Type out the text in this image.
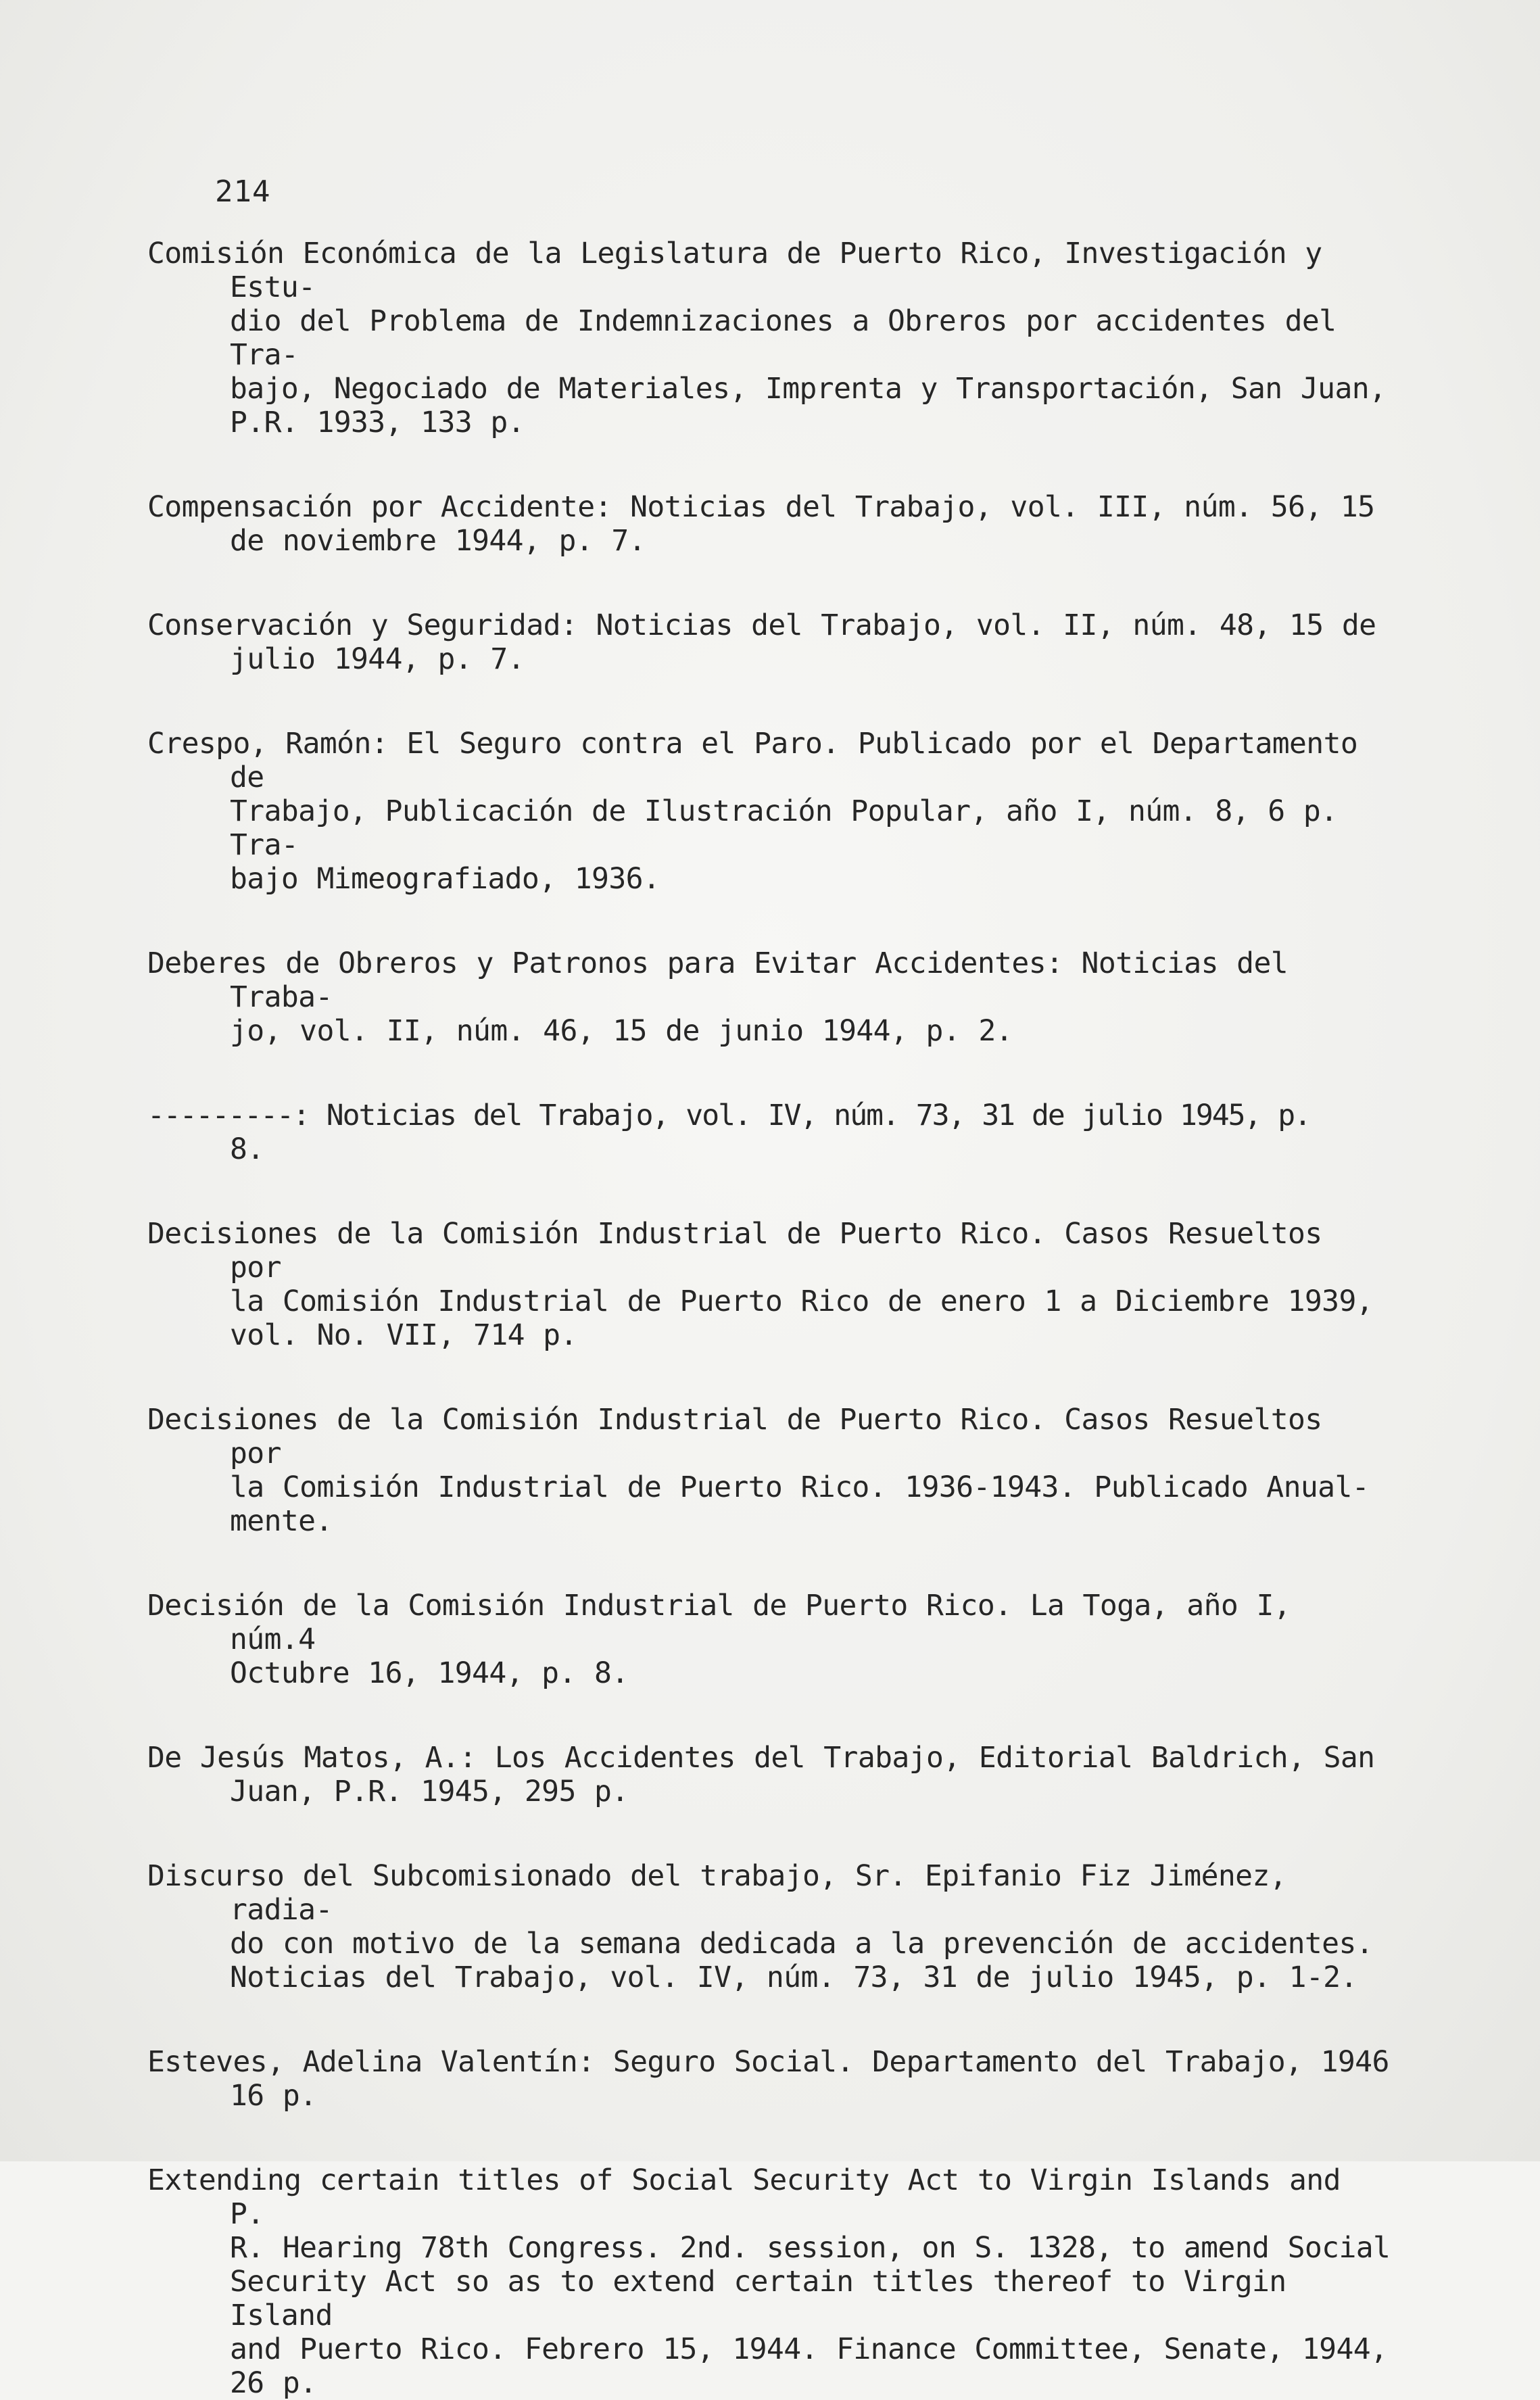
214

Comisión Económica de la Legislatura de Puerto Rico, Investigación y Estu-
dio del Problema de Indemnizaciones a Obreros por accidentes del Tra-
bajo, Negociado de Materiales, Imprenta y Transportación, San Juan,
P.R. 1933, 133 p.

Compensación por Accidente: Noticias del Trabajo, vol. III, núm. 56, 15
de noviembre 1944, p. 7.

Conservación y Seguridad: Noticias del Trabajo, vol. II, núm. 48, 15 de
julio 1944, p. 7.

Crespo, Ramón: El Seguro contra el Paro. Publicado por el Departamento de
Trabajo, Publicación de Ilustración Popular, año I, núm. 8, 6 p. Tra-
bajo Mimeografiado, 1936.

Deberes de Obreros y Patronos para Evitar Accidentes: Noticias del Traba-
jo, vol. II, núm. 46, 15 de junio 1944, p. 2.

---------: Noticias del Trabajo, vol. IV, núm. 73, 31 de julio 1945, p.
8.

Decisiones de la Comisión Industrial de Puerto Rico. Casos Resueltos por
la Comisión Industrial de Puerto Rico de enero 1 a Diciembre 1939,
vol. No. VII, 714 p.

Decisiones de la Comisión Industrial de Puerto Rico. Casos Resueltos por
la Comisión Industrial de Puerto Rico. 1936-1943. Publicado Anual-
mente.

Decisión de la Comisión Industrial de Puerto Rico. La Toga, año I, núm.4
Octubre 16, 1944, p. 8.

De Jesús Matos, A.: Los Accidentes del Trabajo, Editorial Baldrich, San
Juan, P.R. 1945, 295 p.

Discurso del Subcomisionado del trabajo, Sr. Epifanio Fiz Jiménez, radia-
do con motivo de la semana dedicada a la prevención de accidentes.
Noticias del Trabajo, vol. IV, núm. 73, 31 de julio 1945, p. 1-2.

Esteves, Adelina Valentín: Seguro Social. Departamento del Trabajo, 1946
16 p.

Extending certain titles of Social Security Act to Virgin Islands and P.
R. Hearing 78th Congress. 2nd. session, on S. 1328, to amend Social
Security Act so as to extend certain titles thereof to Virgin Island
and Puerto Rico. Febrero 15, 1944. Finance Committee, Senate, 1944,
26 p.
